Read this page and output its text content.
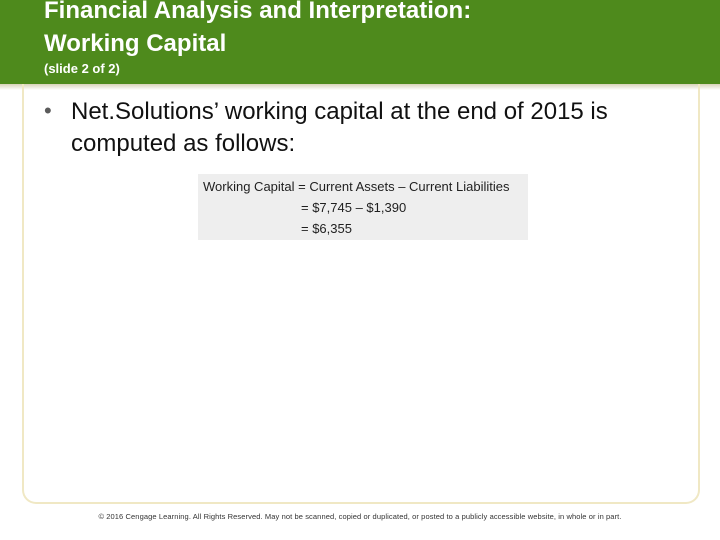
Financial Analysis and Interpretation:
Working Capital
(slide 2 of 2)
• Net.Solutions’ working capital at the end of 2015 is computed as follows:
Working Capital = Current Assets – Current Liabilities
= $7,745 – $1,390
= $6,355
© 2016 Cengage Learning. All Rights Reserved. May not be scanned, copied or duplicated, or posted to a publicly accessible website, in whole or in part.
